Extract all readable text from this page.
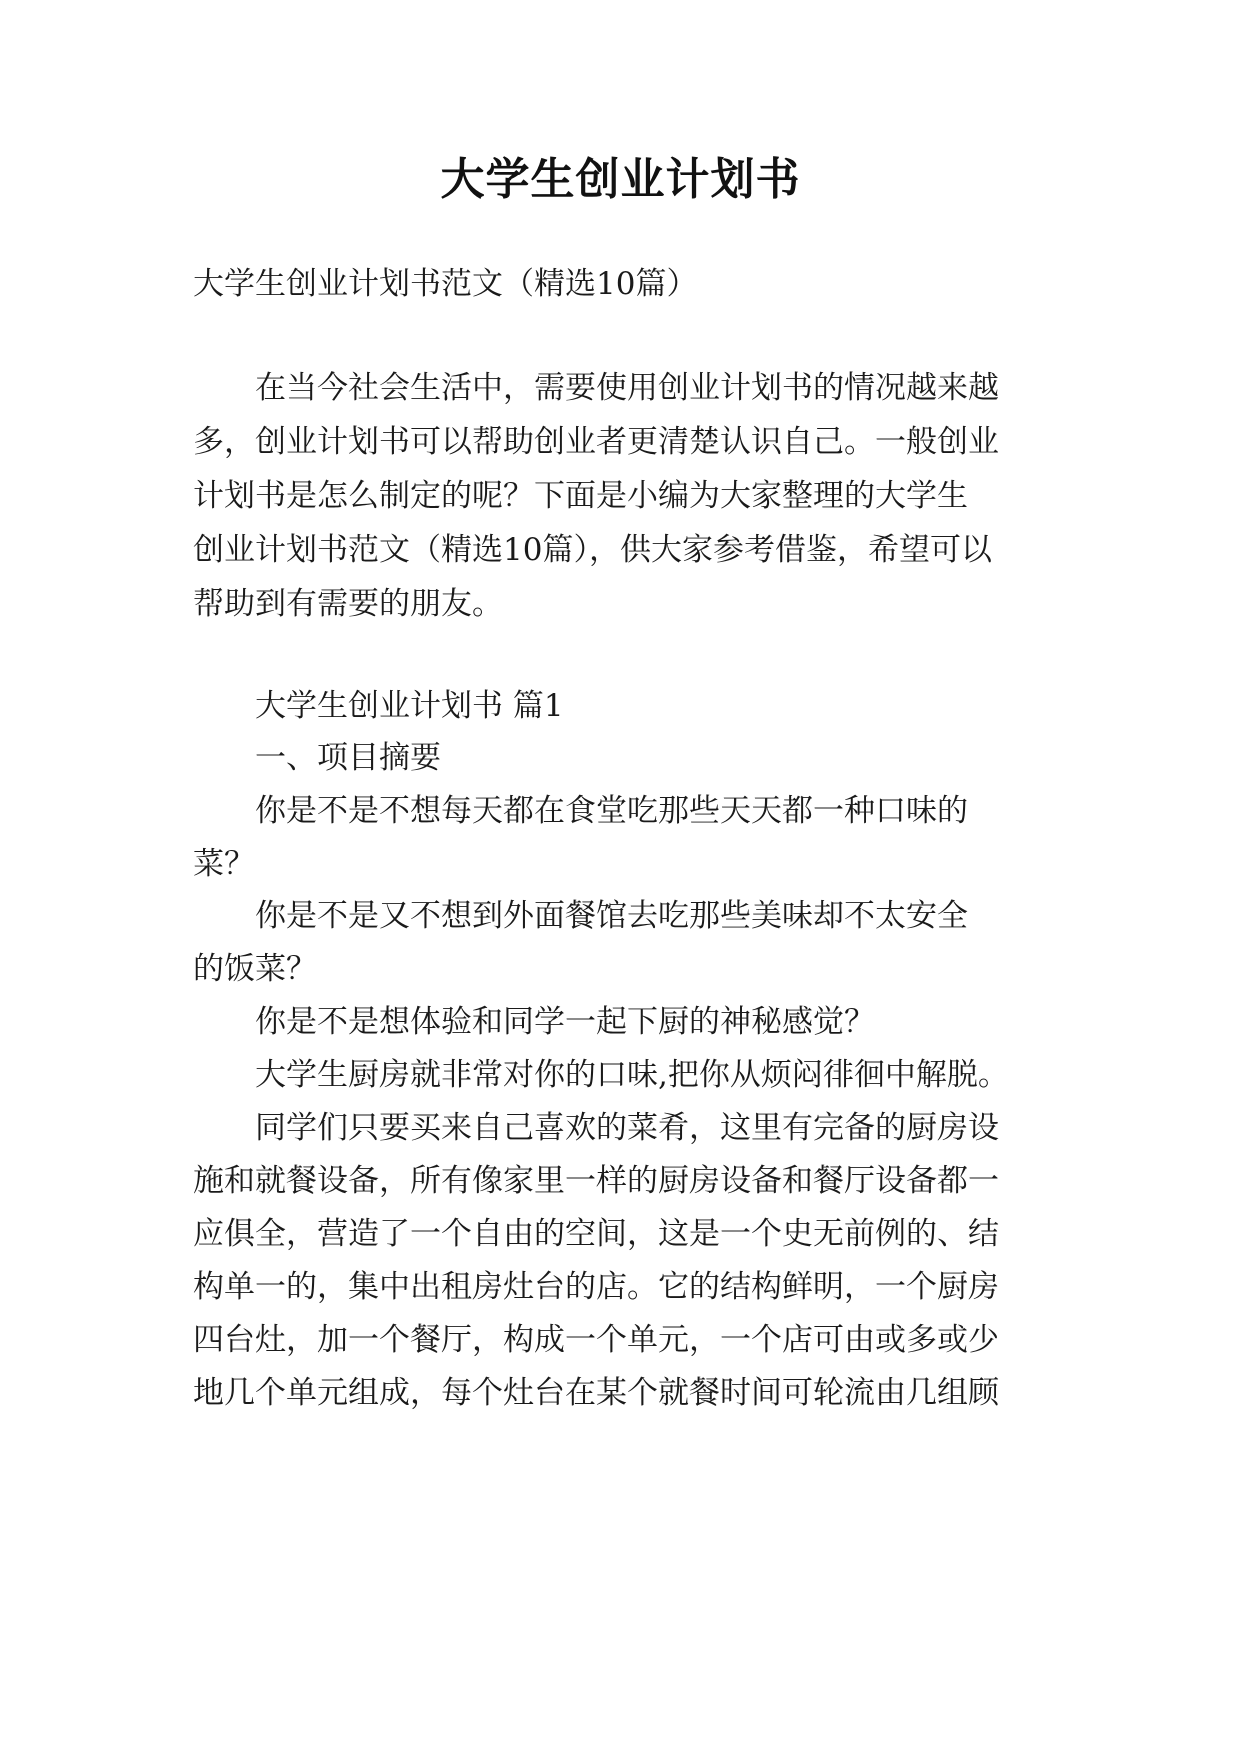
大学生创业计划书
大学生创业计划书范文（精选10篇）
在当今社会生活中，需要使用创业计划书的情况越来越
多，创业计划书可以帮助创业者更清楚认识自己。一般创业
计划书是怎么制定的呢？下面是小编为大家整理的大学生
创业计划书范文（精选10篇），供大家参考借鉴，希望可以
帮助到有需要的朋友。
大学生创业计划书 篇1
一、项目摘要
你是不是不想每天都在食堂吃那些天天都一种口味的
菜？
你是不是又不想到外面餐馆去吃那些美味却不太安全
的饭菜？
你是不是想体验和同学一起下厨的神秘感觉？
大学生厨房就非常对你的口味,把你从烦闷徘徊中解脱。
同学们只要买来自己喜欢的菜肴，这里有完备的厨房设
施和就餐设备，所有像家里一样的厨房设备和餐厅设备都一
应俱全，营造了一个自由的空间，这是一个史无前例的、结
构单一的，集中出租房灶台的店。它的结构鲜明，一个厨房
四台灶，加一个餐厅，构成一个单元，一个店可由或多或少
地几个单元组成，每个灶台在某个就餐时间可轮流由几组顾
